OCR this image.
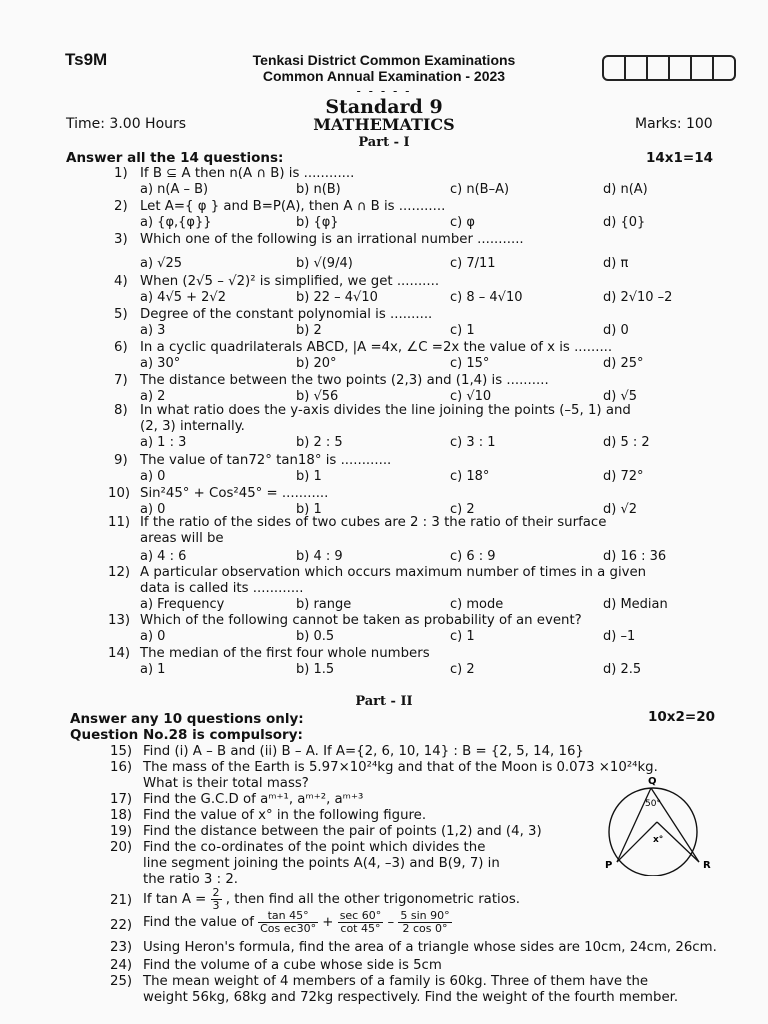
Ts9M	Tenkasi District Common Examinations
Common Annual Examination - 2023
- - - - -
Standard 9
Time: 3.00 Hours	MATHEMATICS	Marks: 100
Part - I
Answer all the 14 questions:	14x1=14
1) If B ⊆ A then n(A ∩ B) is ............
a) n(A – B)	b) n(B)	c) n(B–A)	d) n(A)
2) Let A={ φ } and B=P(A), then A ∩ B is ...........
a) {φ,{φ}}	b) {φ}	c) φ	d) {0}
3) Which one of the following is an irrational number ...........
a) √25	b) √(9/4)	c) 7/11	d) π
4) When (2√5 – √2)² is simplified, we get ..........
a) 4√5 + 2√2	b) 22 – 4√10	c) 8 – 4√10	d) 2√10 –2
5) Degree of the constant polynomial is ..........
a) 3	b) 2	c) 1	d) 0
6) In a cyclic quadrilaterals ABCD, |A =4x, ∠C =2x the value of x is .........
a) 30°	b) 20°	c) 15°	d) 25°
7) The distance between the two points (2,3) and (1,4) is ..........
a) 2	b) √56	c) √10	d) √5
8) In what ratio does the y-axis divides the line joining the points (–5, 1) and
(2, 3) internally.
a) 1 : 3	b) 2 : 5	c) 3 : 1	d) 5 : 2
9) The value of tan72° tan18° is ............
a) 0	b) 1	c) 18°	d) 72°
10) Sin²45° + Cos²45° = ...........
a) 0	b) 1	c) 2	d) √2
11) If the ratio of the sides of two cubes are 2 : 3 the ratio of their surface
areas will be
a) 4 : 6	b) 4 : 9	c) 6 : 9	d) 16 : 36
12) A particular observation which occurs maximum number of times in a given
data is called its ............
a) Frequency	b) range	c) mode	d) Median
13) Which of the following cannot be taken as probability of an event?
a) 0	b) 0.5	c) 1	d) –1
14) The median of the first four whole numbers
a) 1	b) 1.5	c) 2	d) 2.5
Part - II
Answer any 10 questions only:
Question No.28 is compulsory:
10x2=20
15) Find (i) A – B and (ii) B – A. If A={2, 6, 10, 14} : B = {2, 5, 14, 16}
16) The mass of the Earth is 5.97×10²⁴kg and that of the Moon is 0.073 ×10²⁴kg.
What is their total mass?
17) Find the G.C.D of aᵐ⁺¹, aᵐ⁺², aᵐ⁺³
18) Find the value of x° in the following figure.
19) Find the distance between the pair of points (1,2) and (4, 3)
20) Find the co-ordinates of the point which divides the
line segment joining the points A(4, –3) and B(9, 7) in
the ratio 3 : 2.
21) If $\tan A = \frac{2}{3}$ , then find all the other trigonometric ratios.
22) Find the value of $\frac{\tan 45^\circ}{\text{Cos ec30°}} + \frac{\sec 60^\circ}{\cot 45^\circ} - \frac{5 \sin 90^\circ}{2 \cos 0^\circ}$
23) Using Heron's formula, find the area of a triangle whose sides are 10cm, 24cm, 26cm.
24) Find the volume of a cube whose side is 5cm
25) The mean weight of 4 members of a family is 60kg. Three of them have the
weight 56kg, 68kg and 72kg respectively. Find the weight of the fourth member.
Q
P	R
50°
x°
